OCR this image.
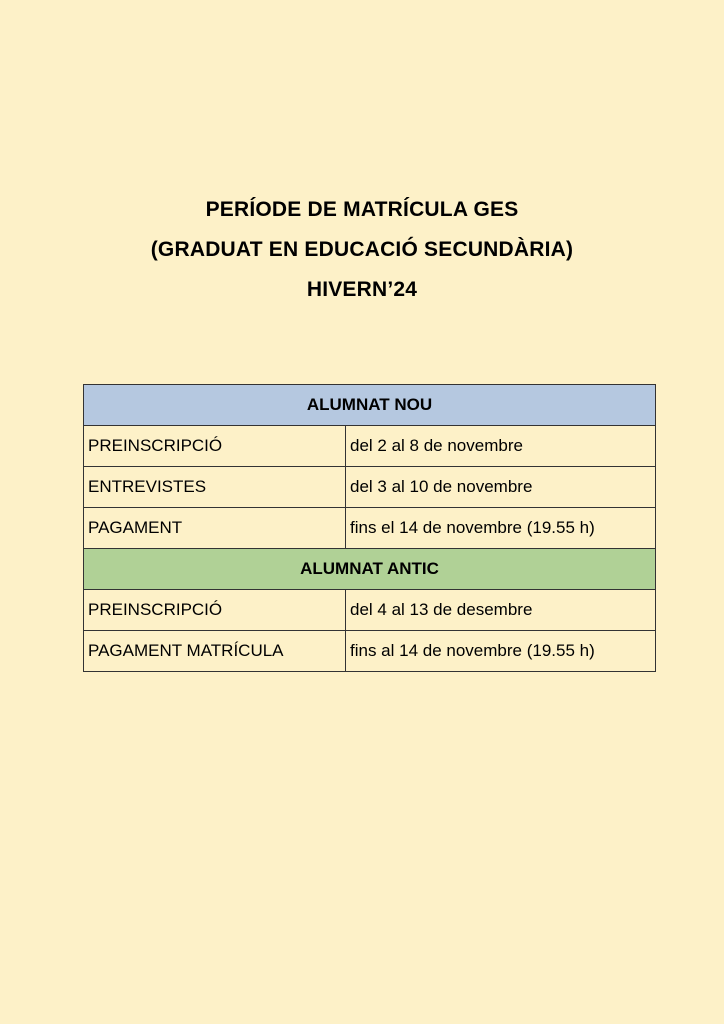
PERÍODE DE MATRÍCULA GES
(GRADUAT EN EDUCACIÓ SECUNDÀRIA)
HIVERN’24
ALUMNAT NOU	
PREINSCRIPCIÓ	del 2 al 8 de novembre
ENTREVISTES	del 3 al 10 de novembre
PAGAMENT	fins el 14 de novembre (19.55 h)
ALUMNAT ANTIC	
PREINSCRIPCIÓ	del 4 al 13 de desembre
PAGAMENT MATRÍCULA	fins al 14 de novembre (19.55 h)
